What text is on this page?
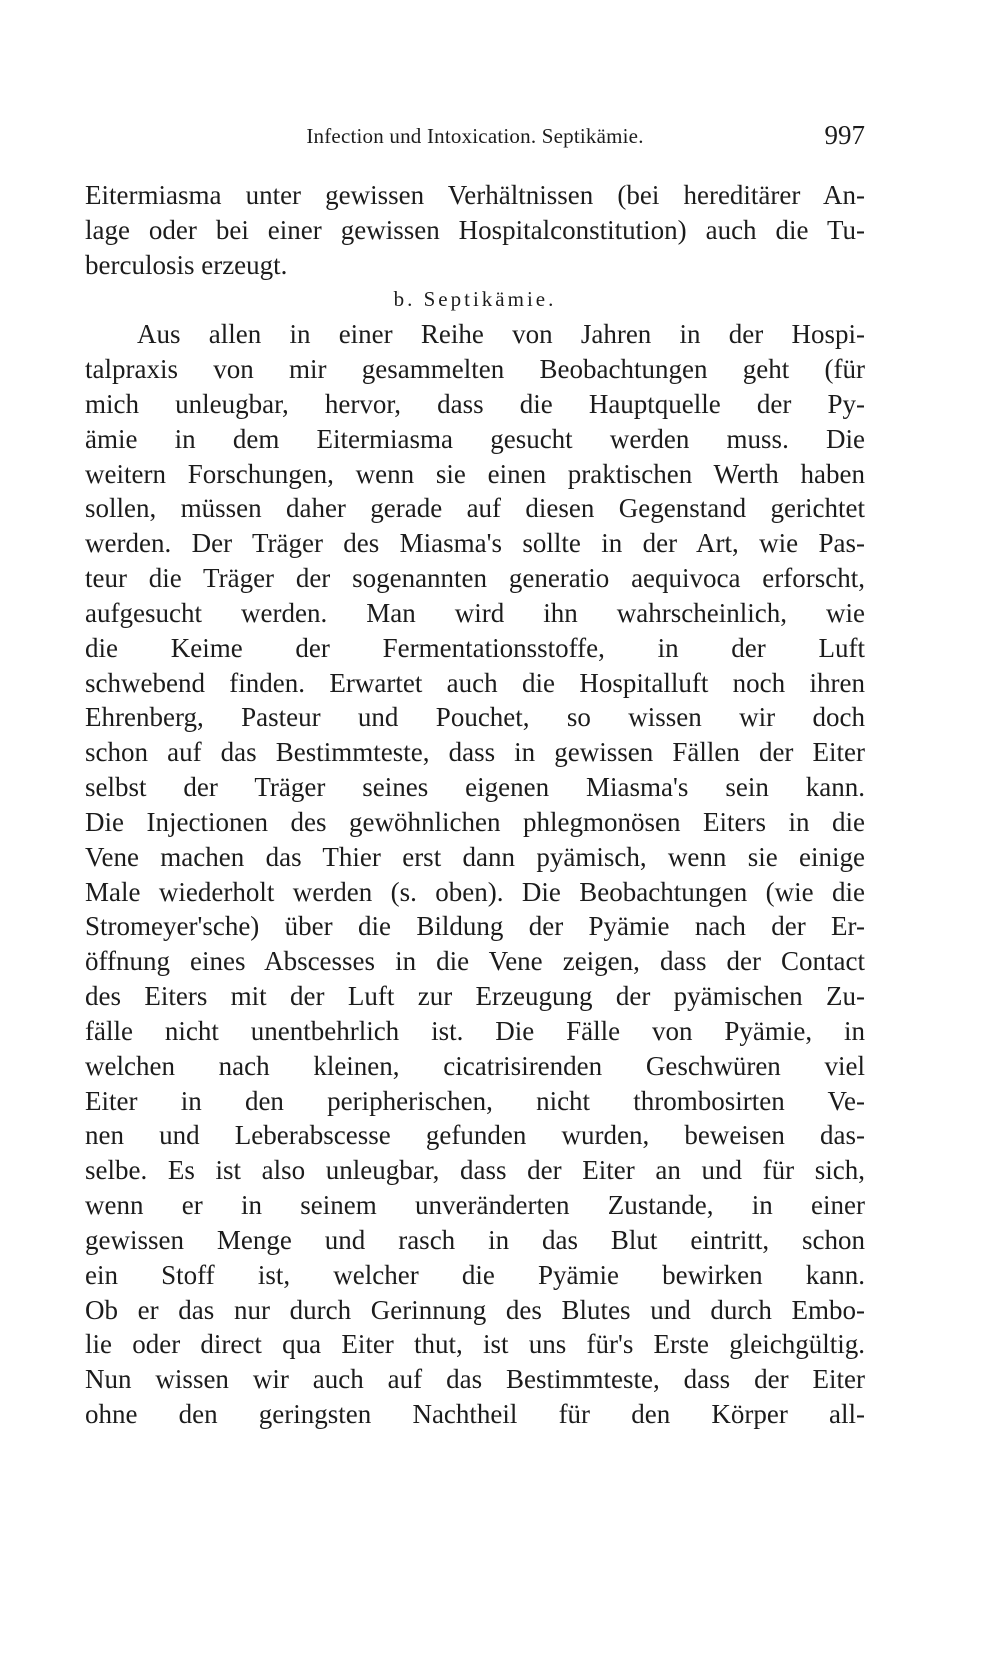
Infection und Intoxication. Septikämie.	997
Eitermiasma unter gewissen Verhältnissen (bei hereditärer An-
lage oder bei einer gewissen Hospitalconstitution) auch die Tu-
berculosis erzeugt.
b. Septikämie.
Aus allen in einer Reihe von Jahren in der Hospi-
talpraxis von mir gesammelten Beobachtungen geht (für
mich unleugbar, hervor, dass die Hauptquelle der Py-
ämie in dem Eitermiasma gesucht werden muss. Die
weitern Forschungen, wenn sie einen praktischen Werth haben
sollen, müssen daher gerade auf diesen Gegenstand gerichtet
werden. Der Träger des Miasma's sollte in der Art, wie Pas-
teur die Träger der sogenannten generatio aequivoca erforscht,
aufgesucht werden. Man wird ihn wahrscheinlich, wie
die Keime der Fermentationsstoffe, in der Luft
schwebend finden. Erwartet auch die Hospitalluft noch ihren
Ehrenberg, Pasteur und Pouchet, so wissen wir doch
schon auf das Bestimmteste, dass in gewissen Fällen der Eiter
selbst der Träger seines eigenen Miasma's sein kann.
Die Injectionen des gewöhnlichen phlegmonösen Eiters in die
Vene machen das Thier erst dann pyämisch, wenn sie einige
Male wiederholt werden (s. oben). Die Beobachtungen (wie die
Stromeyer'sche) über die Bildung der Pyämie nach der Er-
öffnung eines Abscesses in die Vene zeigen, dass der Contact
des Eiters mit der Luft zur Erzeugung der pyämischen Zu-
fälle nicht unentbehrlich ist. Die Fälle von Pyämie, in
welchen nach kleinen, cicatrisirenden Geschwüren viel
Eiter in den peripherischen, nicht thrombosirten Ve-
nen und Leberabscesse gefunden wurden, beweisen das-
selbe. Es ist also unleugbar, dass der Eiter an und für sich,
wenn er in seinem unveränderten Zustande, in einer
gewissen Menge und rasch in das Blut eintritt, schon
ein Stoff ist, welcher die Pyämie bewirken kann.
Ob er das nur durch Gerinnung des Blutes und durch Embo-
lie oder direct qua Eiter thut, ist uns für's Erste gleichgültig.
Nun wissen wir auch auf das Bestimmteste, dass der Eiter
ohne den geringsten Nachtheil für den Körper all-
